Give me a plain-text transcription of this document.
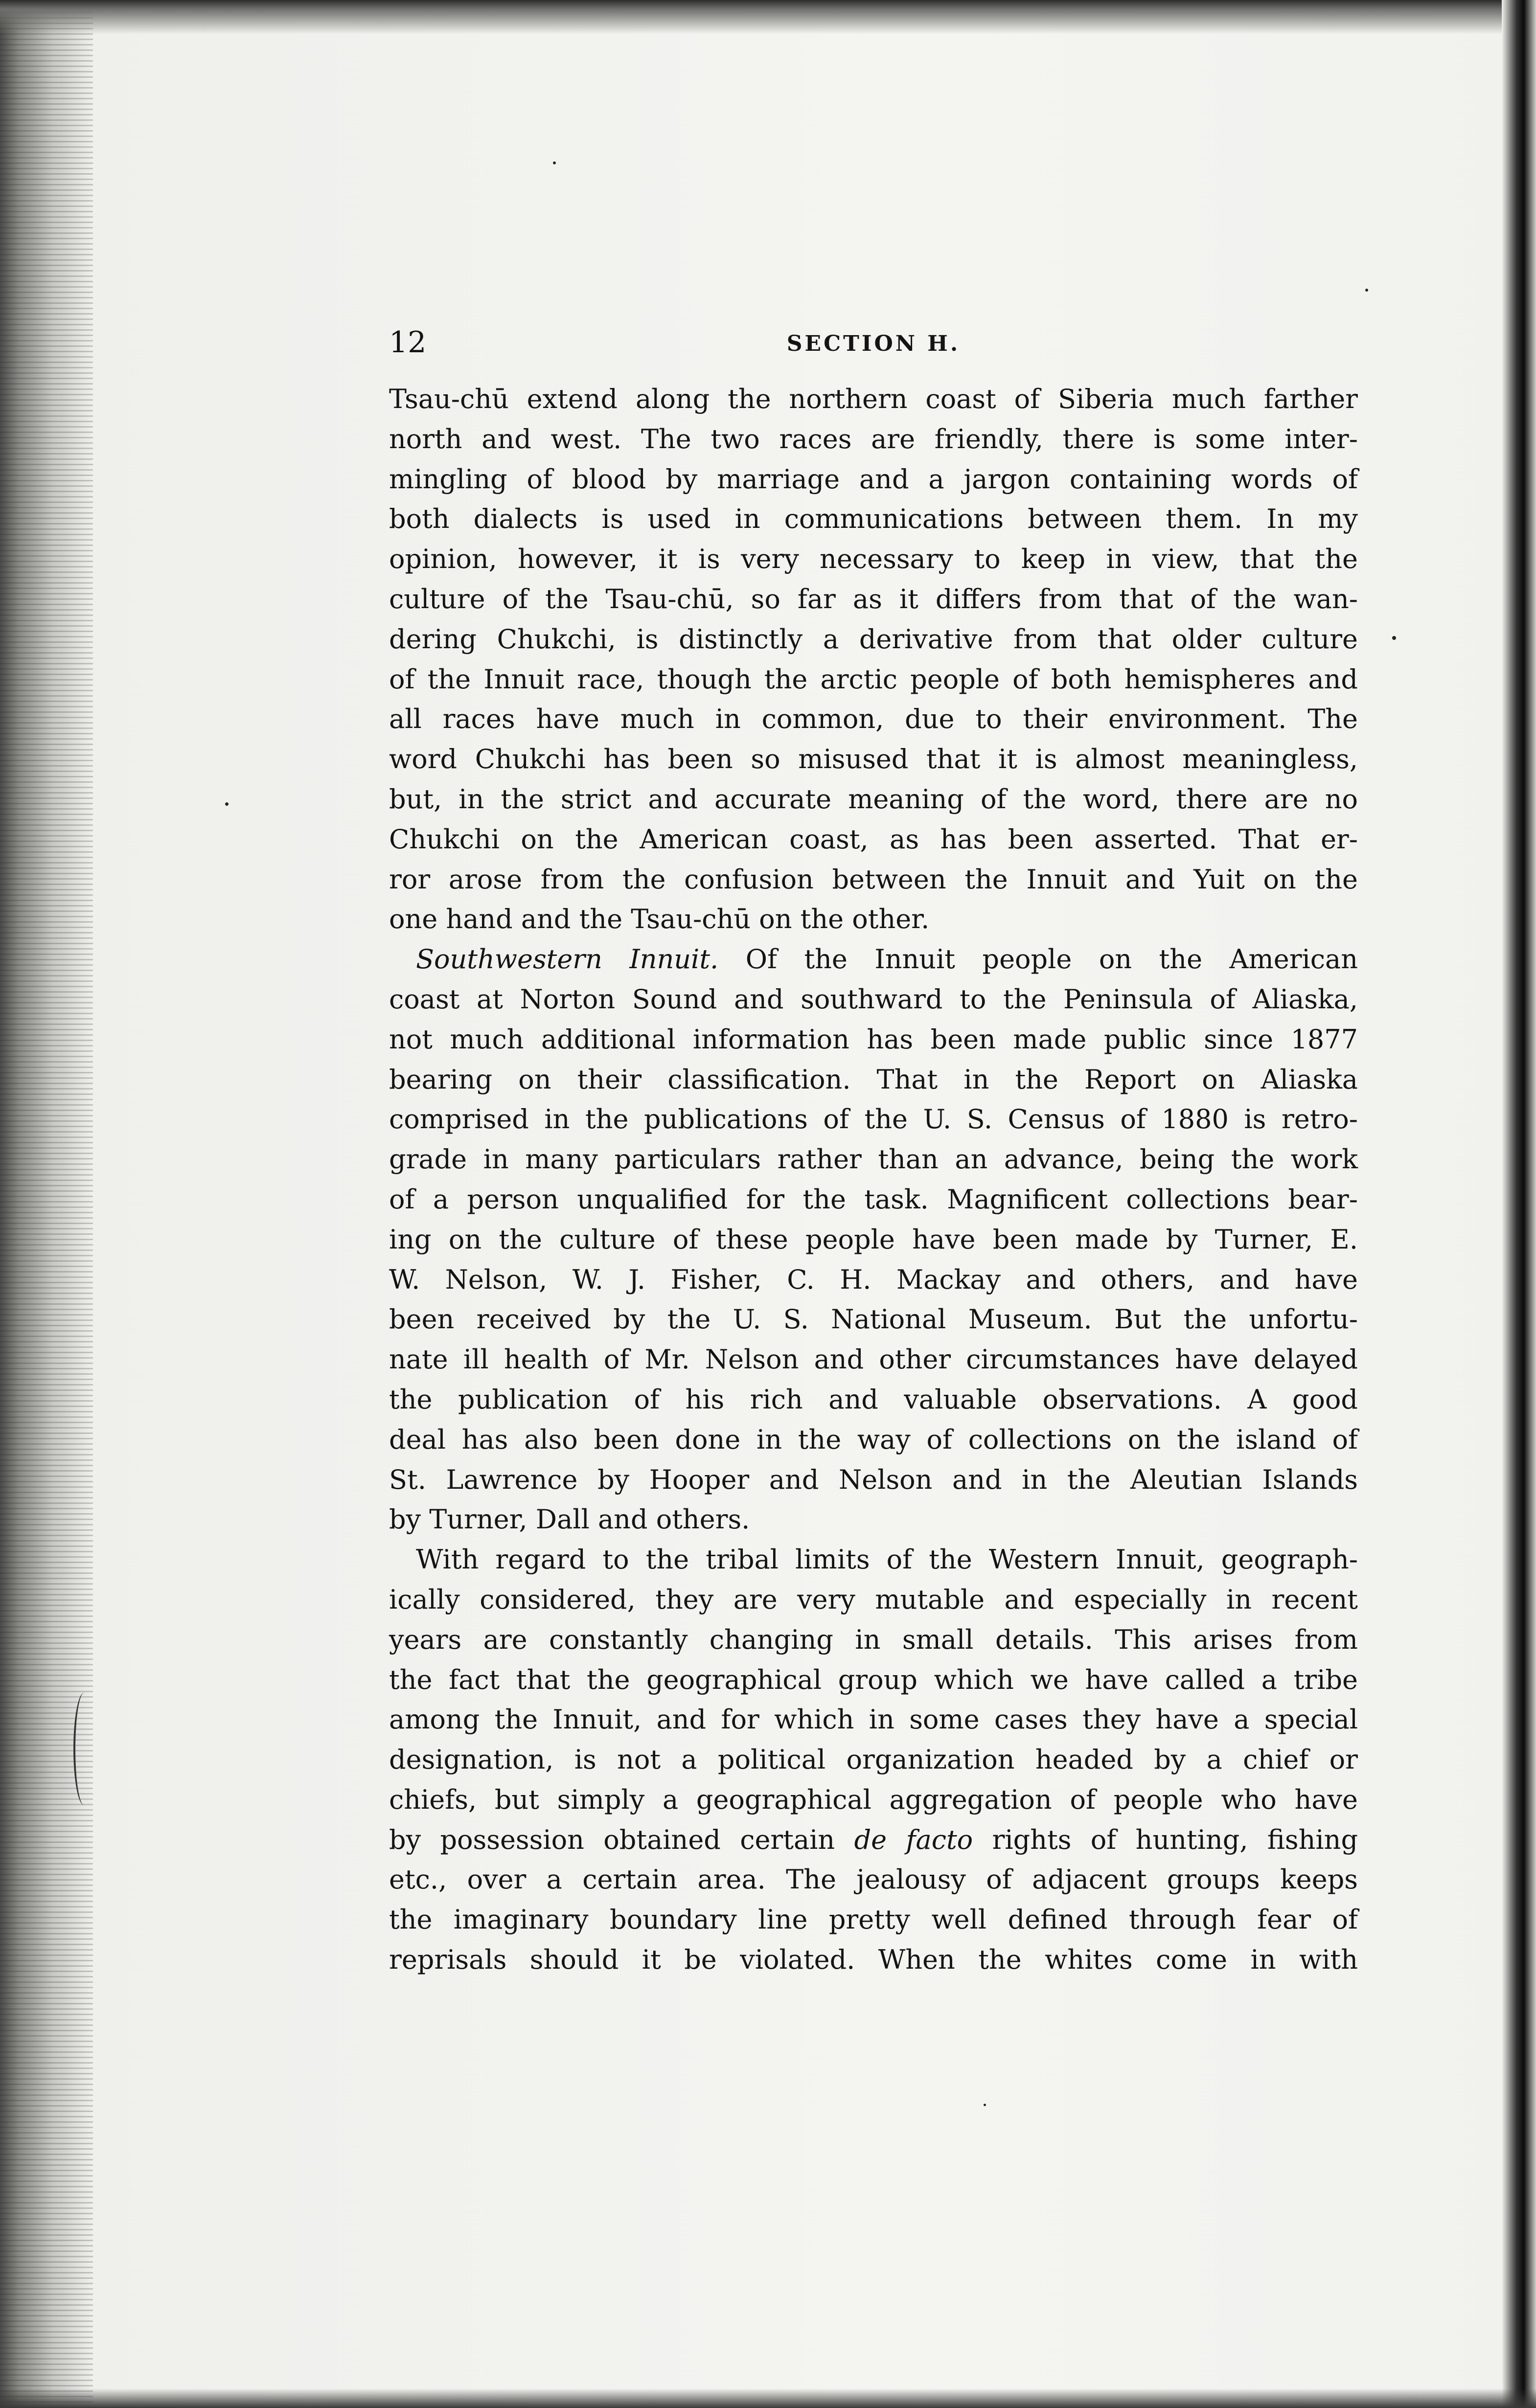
12	SECTION H.
Tsau-chū extend along the northern coast of Siberia much farther
north and west. The two races are friendly, there is some inter-
mingling of blood by marriage and a jargon containing words of
both dialects is used in communications between them. In my
opinion, however, it is very necessary to keep in view, that the
culture of the Tsau-chū, so far as it differs from that of the wan-
dering Chukchi, is distinctly a derivative from that older culture
of the Innuit race, though the arctic people of both hemispheres and
all races have much in common, due to their environment. The
word Chukchi has been so misused that it is almost meaningless,
but, in the strict and accurate meaning of the word, there are no
Chukchi on the American coast, as has been asserted. That er-
ror arose from the confusion between the Innuit and Yuit on the
one hand and the Tsau-chū on the other.
Southwestern Innuit. Of the Innuit people on the American
coast at Norton Sound and southward to the Peninsula of Aliaska,
not much additional information has been made public since 1877
bearing on their classification. That in the Report on Aliaska
comprised in the publications of the U. S. Census of 1880 is retro-
grade in many particulars rather than an advance, being the work
of a person unqualified for the task. Magnificent collections bear-
ing on the culture of these people have been made by Turner, E.
W. Nelson, W. J. Fisher, C. H. Mackay and others, and have
been received by the U. S. National Museum. But the unfortu-
nate ill health of Mr. Nelson and other circumstances have delayed
the publication of his rich and valuable observations. A good
deal has also been done in the way of collections on the island of
St. Lawrence by Hooper and Nelson and in the Aleutian Islands
by Turner, Dall and others.
With regard to the tribal limits of the Western Innuit, geograph-
ically considered, they are very mutable and especially in recent
years are constantly changing in small details. This arises from
the fact that the geographical group which we have called a tribe
among the Innuit, and for which in some cases they have a special
designation, is not a political organization headed by a chief or
chiefs, but simply a geographical aggregation of people who have
by possession obtained certain de facto rights of hunting, fishing
etc., over a certain area. The jealousy of adjacent groups keeps
the imaginary boundary line pretty well defined through fear of
reprisals should it be violated. When the whites come in with
